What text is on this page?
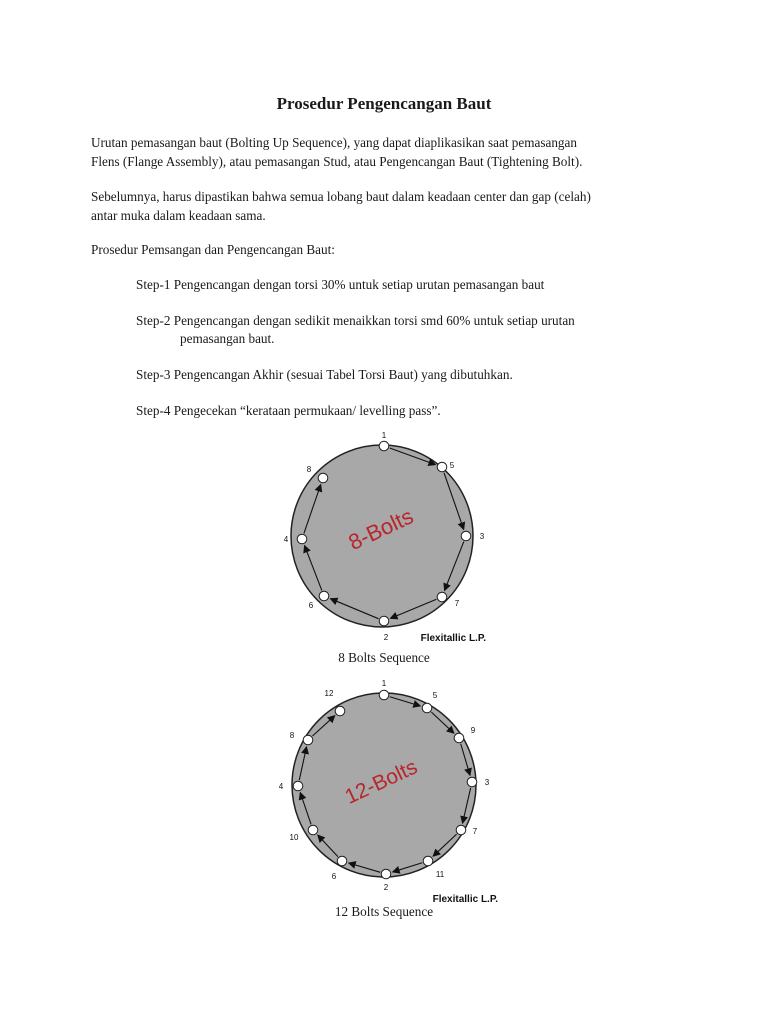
Prosedur Pengencangan Baut

Urutan pemasangan baut (Bolting Up Sequence), yang dapat diaplikasikan saat pemasangan
Flens (Flange Assembly), atau pemasangan Stud, atau Pengencangan Baut (Tightening Bolt).

Sebelumnya, harus dipastikan bahwa semua lobang baut dalam keadaan center dan gap (celah)
antar muka dalam keadaan sama.

Prosedur Pemsangan dan Pengencangan Baut:

Step-1 Pengencangan dengan torsi 30% untuk setiap urutan pemasangan baut

Step-2 Pengencangan dengan sedikit menaikkan torsi smd 60% untuk setiap urutan
pemasangan baut.

Step-3 Pengencangan Akhir (sesuai Tabel Torsi Baut) yang dibutuhkan.

Step-4 Pengecekan “kerataan permukaan/ levelling pass”.

8-Bolts
1
2
3
4
5
6	7
8
Flexitallic L.P.

8 Bolts Sequence

12-Bolts
1
2
3
4
5
6
7
8
9
10
11
12
Flexitallic L.P.

12 Bolts Sequence
